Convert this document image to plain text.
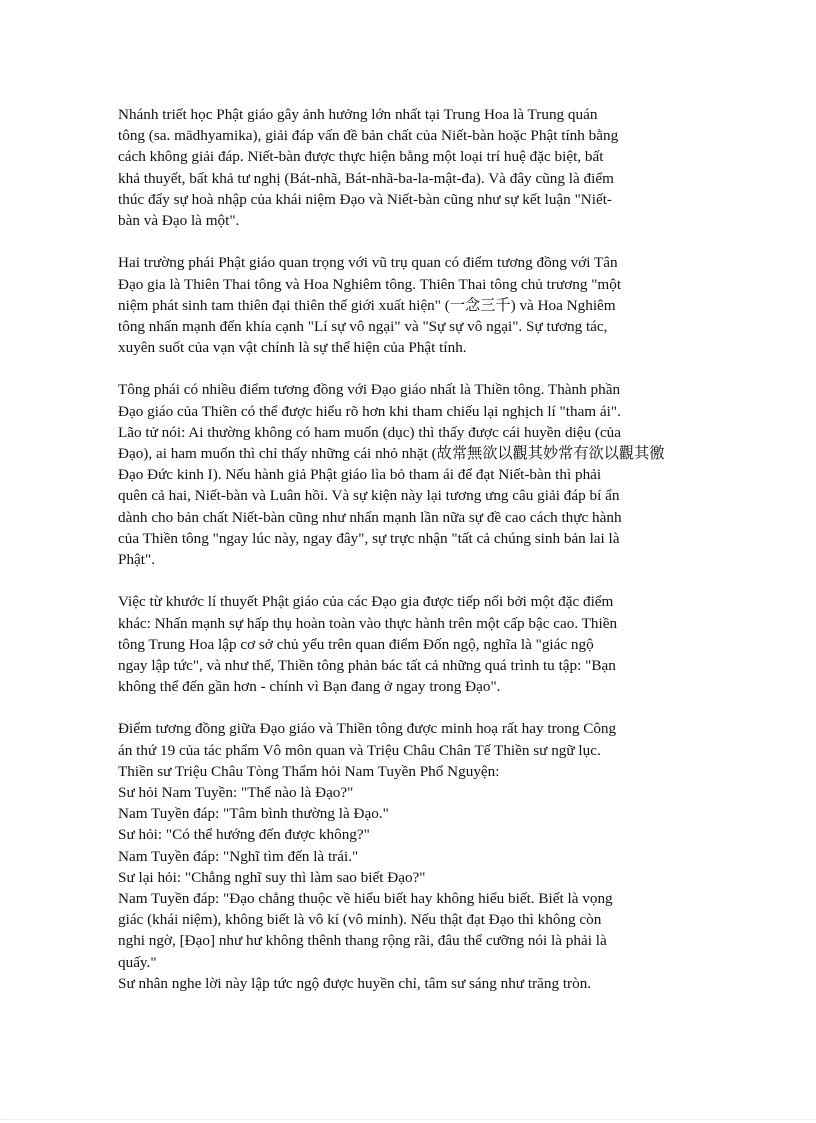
Nhánh triết học Phật giáo gây ảnh hưởng lớn nhất tại Trung Hoa là Trung quán
tông (sa. mādhyamika), giải đáp vấn đề bản chất của Niết-bàn hoặc Phật tính bằng
cách không giải đáp. Niết-bàn được thực hiện bằng một loại trí huệ đặc biệt, bất
khả thuyết, bất khả tư nghị (Bát-nhã, Bát-nhã-ba-la-mật-đa). Và đây cũng là điểm
thúc đẩy sự hoà nhập của khái niệm Đạo và Niết-bàn cũng như sự kết luận "Niết-
bàn và Đạo là một".
Hai trường phái Phật giáo quan trọng với vũ trụ quan có điểm tương đồng với Tân
Đạo gia là Thiên Thai tông và Hoa Nghiêm tông. Thiên Thai tông chủ trương "một
niệm phát sinh tam thiên đại thiên thế giới xuất hiện" (一念三千) và Hoa Nghiêm
tông nhấn mạnh đến khía cạnh "Lí sự vô ngại" và "Sự sự vô ngại". Sự tương tác,
xuyên suốt của vạn vật chính là sự thể hiện của Phật tính.
Tông phái có nhiều điểm tương đồng với Đạo giáo nhất là Thiền tông. Thành phần
Đạo giáo của Thiền có thể được hiểu rõ hơn khi tham chiếu lại nghịch lí "tham ái".
Lão tử nói: Ai thường không có ham muốn (dục) thì thấy được cái huyền diệu (của
Đạo), ai ham muốn thì chỉ thấy những cái nhỏ nhặt (故常無欲以觀其妙常有欲以觀其徼
Đạo Đức kinh I). Nếu hành giả Phật giáo lìa bỏ tham ái để đạt Niết-bàn thì phải
quên cả hai, Niết-bàn và Luân hồi. Và sự kiện này lại tương ưng câu giải đáp bí ẩn
dành cho bản chất Niết-bàn cũng như nhấn mạnh lần nữa sự đề cao cách thực hành
của Thiền tông "ngay lúc này, ngay đây", sự trực nhận "tất cả chúng sinh bản lai là
Phật".
Việc từ khước lí thuyết Phật giáo của các Đạo gia được tiếp nối bởi một đặc điểm
khác: Nhấn mạnh sự hấp thụ hoàn toàn vào thực hành trên một cấp bậc cao. Thiền
tông Trung Hoa lập cơ sở chủ yếu trên quan điểm Đốn ngộ, nghĩa là "giác ngộ
ngay lập tức", và như thế, Thiền tông phản bác tất cả những quá trình tu tập: "Bạn
không thể đến gần hơn - chính vì Bạn đang ở ngay trong Đạo".
Điểm tương đồng giữa Đạo giáo và Thiền tông được minh hoạ rất hay trong Công
án thứ 19 của tác phẩm Vô môn quan và Triệu Châu Chân Tế Thiền sư ngữ lục.
Thiền sư Triệu Châu Tòng Thẩm hỏi Nam Tuyền Phổ Nguyện:
Sư hỏi Nam Tuyền: "Thế nào là Đạo?"
Nam Tuyền đáp: "Tâm bình thường là Đạo."
Sư hỏi: "Có thể hướng đến được không?"
Nam Tuyền đáp: "Nghĩ tìm đến là trái."
Sư lại hỏi: "Chẳng nghĩ suy thì làm sao biết Đạo?"
Nam Tuyền đáp: "Đạo chẳng thuộc về hiểu biết hay không hiểu biết. Biết là vọng
giác (khái niệm), không biết là vô kí (vô minh). Nếu thật đạt Đạo thì không còn
nghi ngờ, [Đạo] như hư không thênh thang rộng rãi, đâu thể cưỡng nói là phải là
quấy."
Sư nhân nghe lời này lập tức ngộ được huyền chỉ, tâm sư sáng như trăng tròn.
